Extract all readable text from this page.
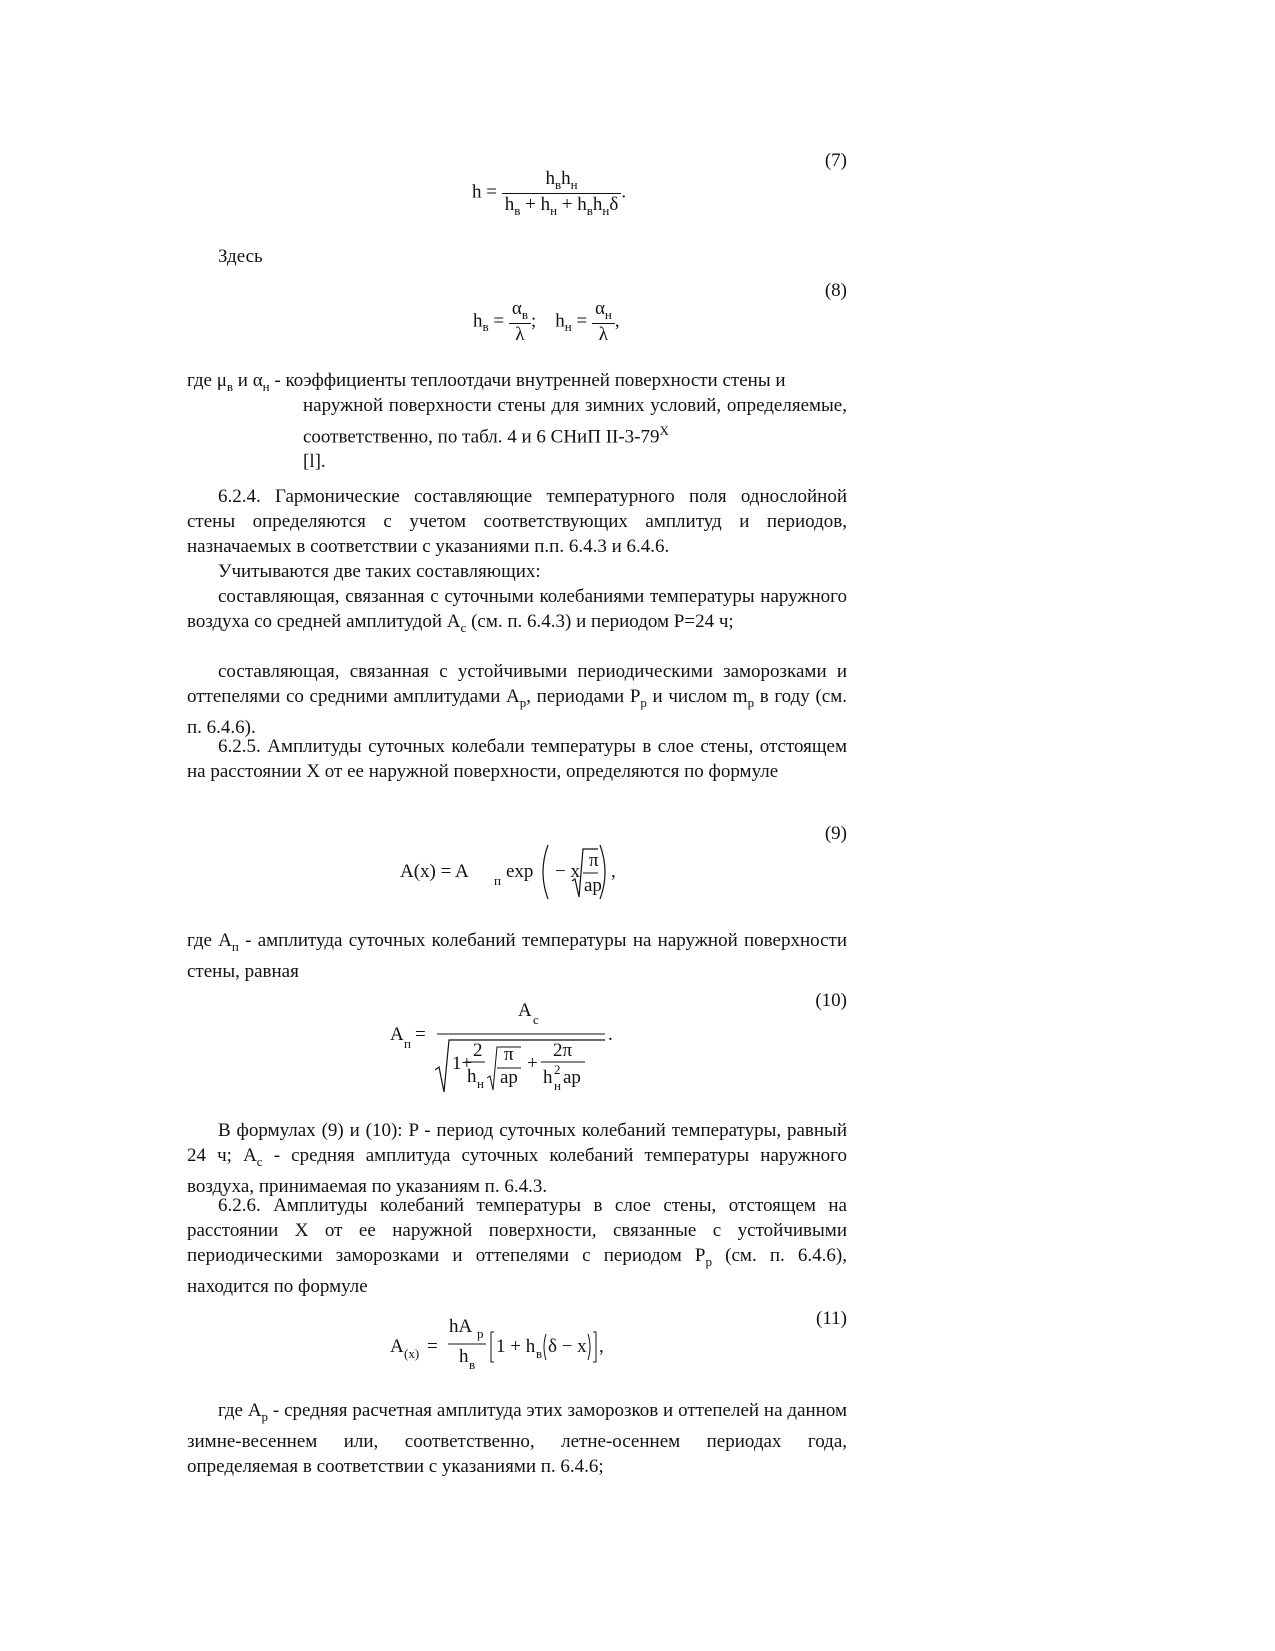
(7)
$h = \frac{h_вh_н}{h_в + h_н + h_вh_н\delta}$ .
Здесь
(8)
$h_в = \frac{\alpha_в}{\lambda}$ ; $h_н = \frac{\alpha_н}{\lambda}$ ,
где $\mu_в$ и $\alpha_н$ - коэффициенты теплоотдачи внутренней поверхности стены и
наружной поверхности стены для зимних условий, определяемые, соответственно, по табл. 4 и 6 СНиП $II-3-79^X$
[l].
6.2.4. Гармонические составляющие температурного поля однослойной стены определяются с учетом соответствующих амплитуд и периодов, назначаемых в соответствии с указаниями п.п. 6.4.3 и 6.4.6.
Учитываются две таких составляющих:
составляющая, связанная с суточными колебаниями температуры наружного воздуха со средней амплитудой $A_c$ (см. п. 6.4.3) и периодом P=24 ч;
составляющая, связанная с устойчивыми периодическими заморозками и оттепелями со средними амплитудами $A_р$, периодами $P_р$ и числом $m_р$ в году (см. п. 6.4.6).
6.2.5. Амплитуды суточных колебали температуры в слое стены, отстоящем на расстоянии X от ее наружной поверхности, определяются по формуле
(9)
A(x) = A п exp − x
π
ap
,
где $A_п$ - амплитуда суточных колебаний температуры на наружной поверхности стены, равная
(10)
A п =
A c
1+
2
h н
π
ap
+
2π
h 2
н ap
.
В формулах (9) и (10): P - период суточных колебаний температуры, равный 24 ч; $A_c$ - средняя амплитуда суточных колебаний температуры наружного воздуха, принимаемая по указаниям п. 6.4.3.
6.2.6. Амплитуды колебаний температуры в слое стены, отстоящем на расстоянии X от ее наружной поверхности, связанные с устойчивыми периодическими заморозками и оттепелями с периодом $P_р$ (см. п. 6.4.6), находится по формуле
(11)
A (x) =
hA р
h в
1 + h в δ − x ,
где $A_р$ - средняя расчетная амплитуда этих заморозков и оттепелей на данном зимне-весеннем или, соответственно, летне-осеннем периодах года, определяемая в соответствии с указаниями п. 6.4.6;
